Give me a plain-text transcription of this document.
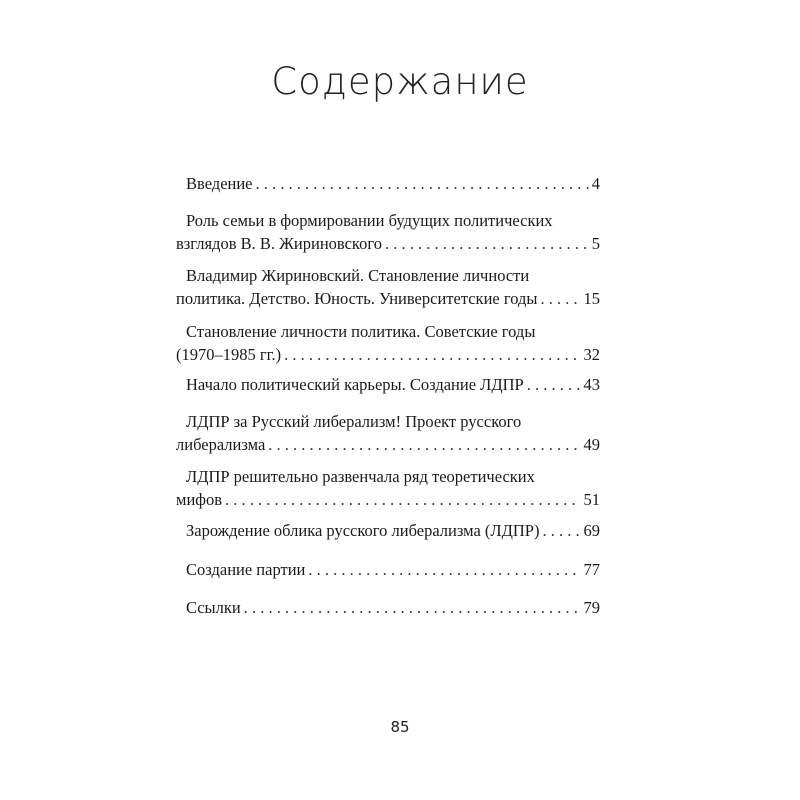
Содержание
Введение . . .	4
Роль семьи в формировании будущих политических
взглядов В. В. Жириновского . . .	5
Владимир Жириновский. Становление личности
политика. Детство. Юность. Университетские годы . . .	15
Становление личности политика. Советские годы
(1970–1985 гг.) . . .	32
Начало политический карьеры. Создание ЛДПР . . .	43
ЛДПР за Русский либерализм! Проект русского
либерализма . . .	49
ЛДПР решительно развенчала ряд теоретических
мифов . . .	51
Зарождение облика русского либерализма (ЛДПР) . . .	69
Создание партии . . .	77
Ссылки . . .	79
85
